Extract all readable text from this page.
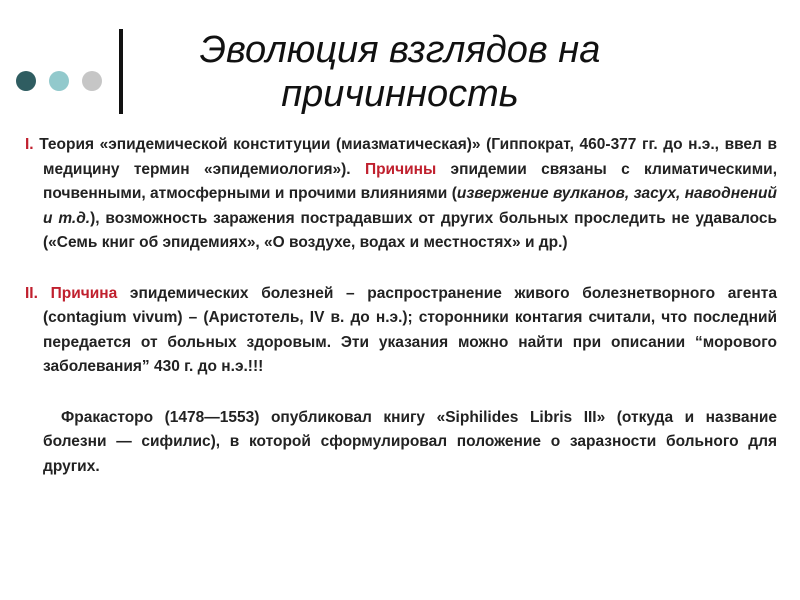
Эволюция взглядов на
причинность

I. Теория «эпидемической конституции (миазматическая)» (Гиппократ, 460-377 гг. до н.э., ввел в медицину термин «эпидемиология»). Причины эпидемии связаны с климатическими, почвенными, атмосферными и прочими влияниями (извержение вулканов, засух, наводнений и т.д.), возможность заражения пострадавших от других больных проследить не удавалось («Семь книг об эпидемиях», «О воздухе, водах и местностях» и др.)

II. Причина эпидемических болезней – распространение живого болезнетворного агента (contagium vivum) – (Аристотель, IV в. до н.э.); сторонники контагия считали, что последний передается от больных здоровым. Эти указания можно найти при описании “морового заболевания” 430 г. до н.э.!!!

Фракасторо (1478—1553) опубликовал книгу «Siphilides Libris III» (откуда и название болезни — сифилис), в которой сформулировал положение о заразности больного для других.
